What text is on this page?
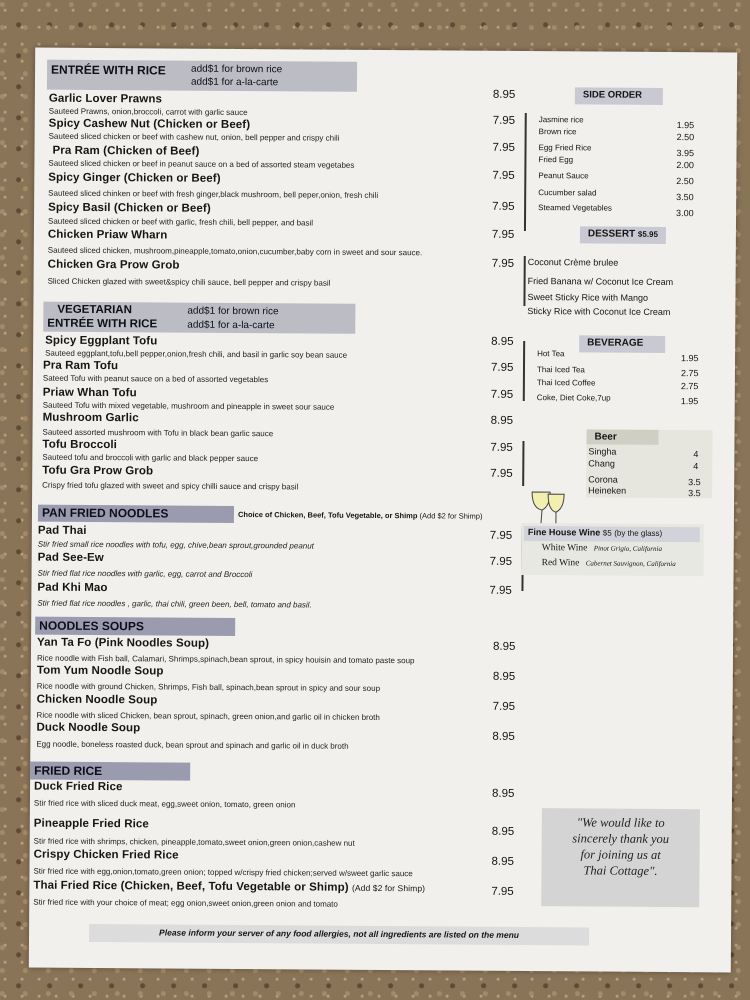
ENTRÉE WITH RICE	add$1 for brown rice
add$1 for a-la-carte
Garlic Lover Prawns
Sauteed Prawns, onion,broccoli, carrot with garlic sauce
8.95
Spicy Cashew Nut (Chicken or Beef)
Sauteed sliced chicken or beef with cashew nut, onion, bell pepper and crispy chili
7.95
Pra Ram (Chicken of Beef)
Sauteed sliced chicken or beef in peanut sauce on a bed of assorted steam vegetabes
7.95
Spicy Ginger (Chicken or Beef)
Sauteed sliced chinken or beef with fresh ginger,black mushroom, bell peper,onion, fresh chili
7.95
Spicy Basil (Chicken or Beef)
Sauteed sliced chicken or beef with garlic, fresh chili, bell pepper, and basil
7.95
Chicken Priaw Wharn
Sauteed sliced chicken, mushroom,pineapple,tomato,onion,cucumber,baby corn in sweet and sour sauce.
7.95
Chicken Gra Prow Grob
Sliced Chicken glazed with sweet&spicy chili sauce, bell pepper and crispy basil
7.95
VEGETARIAN
ENTRÉE WITH RICE
add$1 for brown rice
add$1 for a-la-carte
Spicy Eggplant Tofu
Sauteed eggplant,tofu,bell pepper,onion,fresh chili, and basil in garlic soy bean sauce
8.95
Pra Ram Tofu
Sateed Tofu with peanut sauce on a bed of assorted vegetables
7.95
Priaw Whan Tofu
Sauteed Tofu with mixed vegetable, mushroom and pineapple in sweet sour sauce
7.95
Mushroom Garlic
Sauteed assorted mushroom with Tofu in black bean garlic sauce
8.95
Tofu Broccoli
Sauteed tofu and broccoli with garlic and black pepper sauce
7.95
Tofu Gra Prow Grob
Crispy fried tofu glazed with sweet and spicy chilli sauce and crispy basil
7.95
PAN FRIED NOODLES	Choice of Chicken, Beef, Tofu Vegetable, or Shimp (Add $2 for Shimp)
Pad Thai
Stir fried small rice noodles with tofu, egg, chive,bean sprout,grounded peanut
7.95
Pad See-Ew
Stir fried flat rice noodles with garlic, egg, carrot and Broccoli
7.95
Pad Khi Mao
Stir fried flat rice noodles , garlic, thai chili, green been, bell, tomato and basil.
7.95
NOODLES SOUPS
Yan Ta Fo (Pink Noodles Soup)
Rice noodle with Fish ball, Calamari, Shrimps,spinach,bean sprout, in spicy houisin and tomato paste soup
8.95
Tom Yum Noodle Soup
Rice noodle with ground Chicken, Shrimps, Fish ball, spinach,bean sprout in spicy and sour soup
8.95
Chicken Noodle Soup
Rice noodle with sliced Chicken, bean sprout, spinach, green onion,and garlic oil in chicken broth
7.95
Duck Noodle Soup
Egg noodle, boneless roasted duck, bean sprout and spinach and garlic oil in duck broth
8.95
FRIED RICE
Duck Fried Rice
Stir fried rice with sliced duck meat, egg,sweet onion, tomato, green onion
8.95
Pineapple Fried Rice
Stir fried rice with shrimps, chicken, pineapple,tomato,sweet onion,green onion,cashew nut
8.95
Crispy Chicken Fried Rice
Stir fried rice with egg,onion,tomato,green onion; topped w/crispy fried chicken;served w/sweet garlic sauce
8.95
Thai Fried Rice (Chicken, Beef, Tofu Vegetable or Shimp) (Add $2 for Shimp)
Stir fried rice with your choice of meat; egg onion,sweet onion,green onion and tomato
7.95
SIDE ORDER
Jasmine rice
1.95
Brown rice
2.50
Egg Fried Rice
3.95
Fried Egg
2.00
Peanut Sauce
2.50
Cucumber salad	3.50
Steamed Vegetables
3.00
DESSERT $5.95
Coconut Crème brulee
Fried Banana w/ Coconut Ice Cream
Sweet Sticky Rice with Mango
Sticky Rice with Coconut Ice Cream
BEVERAGE
Hot Tea	1.95
Thai Iced Tea	2.75
Thai Iced Coffee	2.75
Coke, Diet Coke,7up	1.95
Beer
Singha	4
Chang	4
Corona	3.5
Heineken	3.5
Fine House Wine $5 (by the glass)
White Wine Pinot Grigio, California
Red Wine Cabernet Sauvignon, California
"We would like to
sincerely thank you
for joining us at
Thai Cottage".
Please inform your server of any food allergies, not all ingredients are listed on the menu
